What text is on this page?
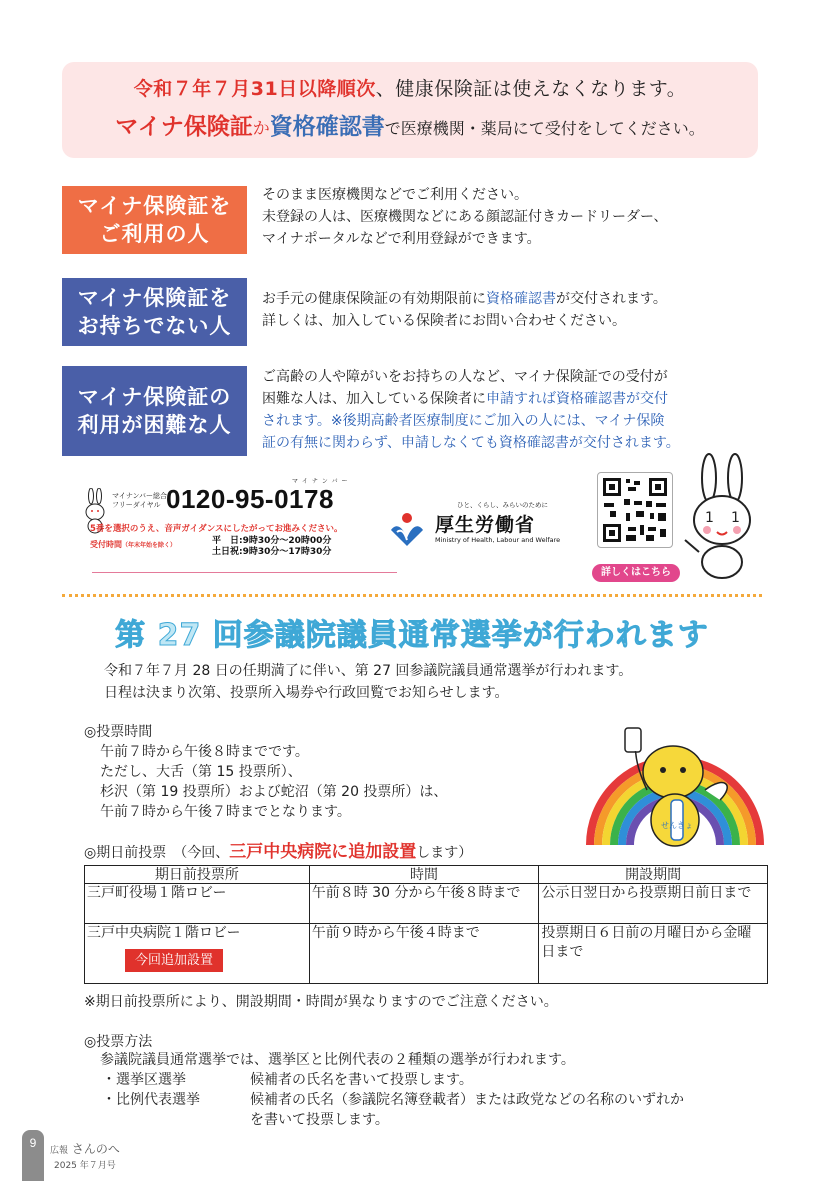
令和７年７月31日以降順次、健康保険証は使えなくなります。
マイナ保険証か資格確認書で医療機関・薬局にて受付をしてください。
マイナ保険証を
ご利用の人
そのまま医療機関などでご利用ください。
未登録の人は、医療機関などにある顔認証付きカードリーダー、
マイナポータルなどで利用登録ができます。
マイナ保険証を
お持ちでない人
お手元の健康保険証の有効期限前に資格確認書が交付されます。
詳しくは、加入している保険者にお問い合わせください。
マイナ保険証の
利用が困難な人
ご高齢の人や障がいをお持ちの人など、マイナ保険証での受付が
困難な人は、加入している保険者に申請すれば資格確認書が交付
されます。※後期高齢者医療制度にご加入の人には、マイナ保険
証の有無に関わらず、申請しなくても資格確認書が交付されます。
マイナンバー総合
フリーダイヤル
マ イ ナ ン バ ー
0120-95-0178
5番を選択のうえ、音声ガイダンスにしたがってお進みください。
受付時間（年末年始を除く）	平　日:9時30分～20時00分
土日祝:9時30分～17時30分
ひと、くらし、みらいのために
厚生労働省
Ministry of Health, Labour and Welfare
詳しくはこちら
1 1
第 27 回参議院議員通常選挙が行われます
令和７年７月 28 日の任期満了に伴い、第 27 回参議院議員通常選挙が行われます。
日程は決まり次第、投票所入場券や行政回覧でお知らせします。
◎投票時間
午前７時から午後８時までです。
ただし、大舌（第 15 投票所）、
杉沢（第 19 投票所）および蛇沼（第 20 投票所）は、
午前７時から午後７時までとなります。
せんきょ
◎期日前投票　（今回、三戸中央病院に追加設置します）
期日前投票所	時間	開設期間
三戸町役場１階ロビー	午前８時 30 分から午後８時まで	公示日翌日から投票期日前日まで

三戸中央病院１階ロビー
今回追加設置	午前９時から午後４時まで	投票期日６日前の月曜日から金曜日まで
※期日前投票所により、開設期間・時間が異なりますのでご注意ください。
◎投票方法
参議院議員通常選挙では、選挙区と比例代表の２種類の選挙が行われます。
・選挙区選挙	候補者の氏名を書いて投票します。
・比例代表選挙	候補者の氏名（参議院名簿登載者）または政党などの名称のいずれか
を書いて投票します。
9
広報 さんのへ
2025 年７月号
